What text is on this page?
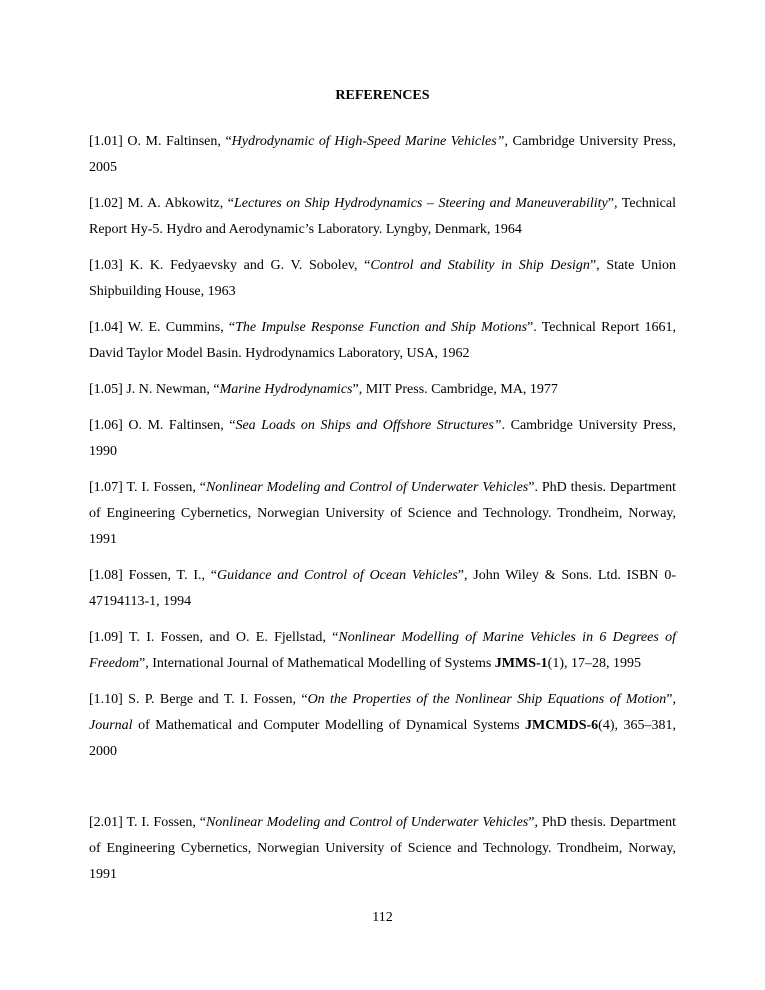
REFERENCES

[1.01] O. M. Faltinsen, “Hydrodynamic of High-Speed Marine Vehicles”, Cambridge University Press, 2005

[1.02] M. A. Abkowitz, “Lectures on Ship Hydrodynamics – Steering and Maneuverability”, Technical Report Hy-5. Hydro and Aerodynamic’s Laboratory. Lyngby, Denmark, 1964

[1.03] K. K. Fedyaevsky and G. V. Sobolev, “Control and Stability in Ship Design”, State Union Shipbuilding House, 1963

[1.04] W. E. Cummins, “The Impulse Response Function and Ship Motions”. Technical Report 1661, David Taylor Model Basin. Hydrodynamics Laboratory, USA, 1962

[1.05] J. N. Newman, “Marine Hydrodynamics”, MIT Press. Cambridge, MA, 1977

[1.06] O. M. Faltinsen, “Sea Loads on Ships and Offshore Structures”. Cambridge University Press, 1990

[1.07] T. I. Fossen, “Nonlinear Modeling and Control of Underwater Vehicles”. PhD thesis. Department of Engineering Cybernetics, Norwegian University of Science and Technology. Trondheim, Norway, 1991

[1.08] Fossen, T. I., “Guidance and Control of Ocean Vehicles”, John Wiley & Sons. Ltd. ISBN 0-47194113-1, 1994

[1.09] T. I. Fossen, and O. E. Fjellstad, “Nonlinear Modelling of Marine Vehicles in 6 Degrees of Freedom”, International Journal of Mathematical Modelling of Systems JMMS-1(1), 17–28, 1995

[1.10] S. P. Berge and T. I. Fossen, “On the Properties of the Nonlinear Ship Equations of Motion”, Journal of Mathematical and Computer Modelling of Dynamical Systems JMCMDS-6(4), 365–381, 2000

[2.01] T. I. Fossen, “Nonlinear Modeling and Control of Underwater Vehicles”, PhD thesis. Department of Engineering Cybernetics, Norwegian University of Science and Technology. Trondheim, Norway, 1991

112
